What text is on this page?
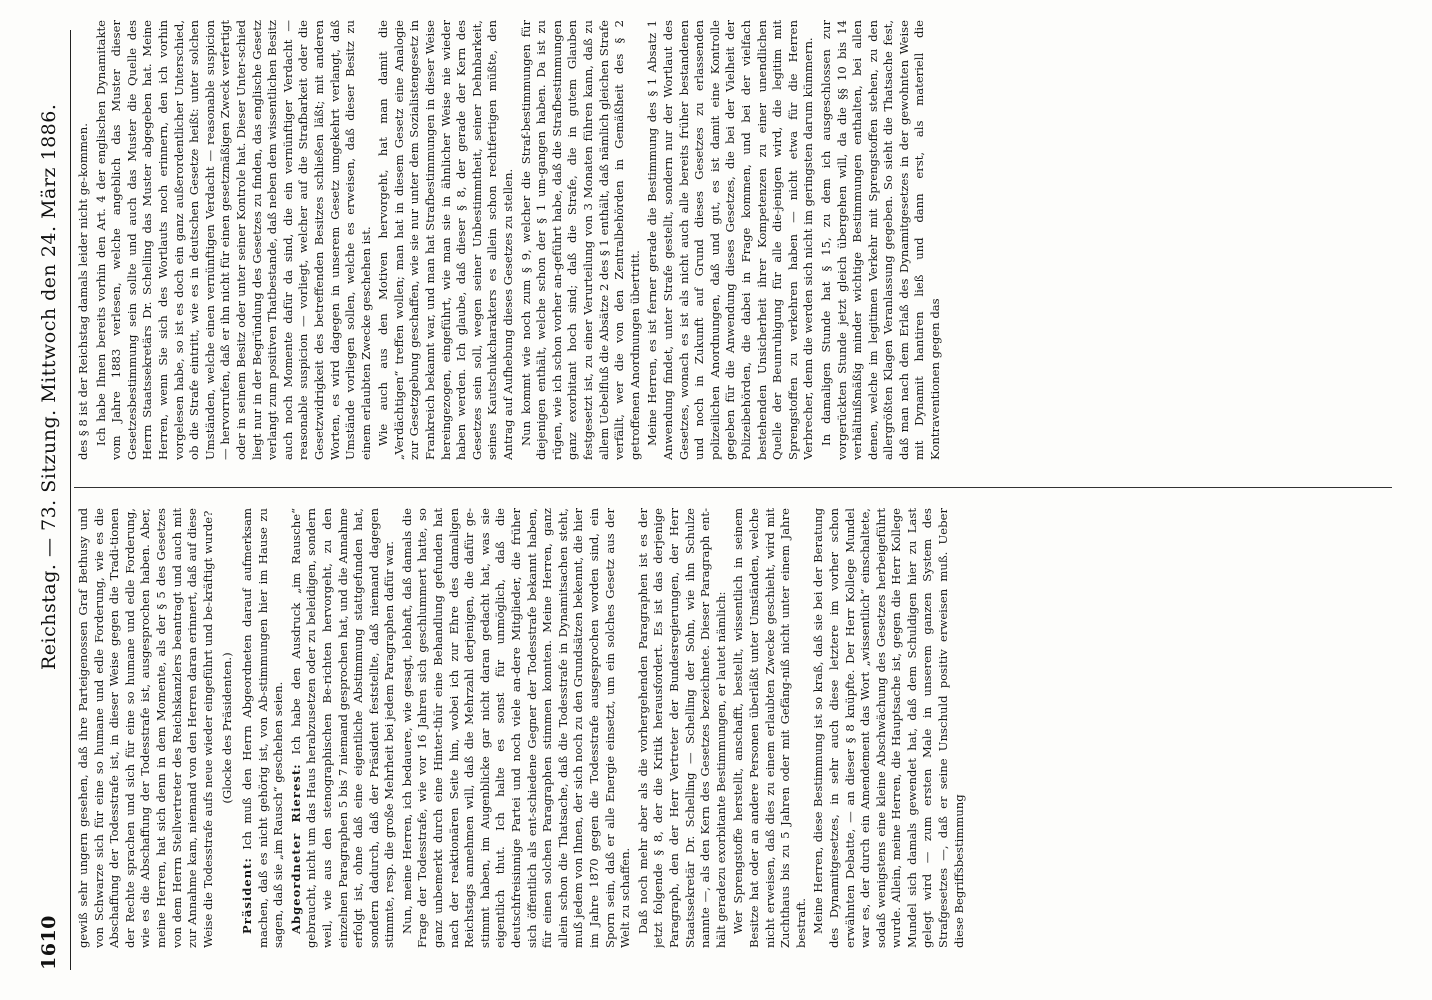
1610
Reichstag. — 73. Sitzung. Mittwoch den 24. März 1886.

gewiß sehr ungern gesehen, daß ihre Parteigenossen Graf Bethusy und von Schwarze sich für eine so humane und edle Forderung, wie es die Abschaffung der Todesstrafe ist, in dieser Weise gegen die Tradi-tionen der Rechte sprachen und sich für eine so humane und edle Forderung, wie es die Abschaffung der Todesstrafe ist, ausgesprochen haben. Aber, meine Herren, hat sich denn in dem Momente, als der § 5 des Gesetzes von dem Herrn Stellvertreter des Reichskanzlers beantragt und auch mit zur Annahme kam, niemand von den Herren daran erinnert, daß auf diese Weise die Todesstrafe aufs neue wieder eingeführt und be-kräftigt wurde? (Glocke des Präsidenten.)

Präsident: Ich muß den Herrn Abgeordneten darauf aufmerksam machen, daß es nicht gehörig ist, von Ab-stimmungen hier im Hause zu sagen, daß sie „im Rausch“ geschehen seien. Abgeordneter Rierest: Ich habe den Ausdruck „im Rausche“ gebraucht, nicht um das Haus herabzusetzen oder zu beleidigen, sondern weil, wie aus den stenographischen Be-richten hervorgeht, zu den einzelnen Paragraphen 5 bis 7 niemand gesprochen hat, und die Annahme erfolgt ist, ohne daß eine eigentliche Abstimmung stattgefunden hat, sondern dadurch, daß der Präsident feststellte, daß niemand dagegen stimmte, resp. die große Mehrheit bei jedem Paragraphen dafür war. Nun, meine Herren, ich bedauere, wie gesagt, lebhaft, daß damals die Frage der Todesstrafe, wie vor 16 Jahren sich geschlummert hatte, so ganz unbemerkt durch eine Hinter-thür eine Behandlung gefunden hat nach der reaktionären Seite hin, wobei ich zur Ehre des damaligen Reichstags annehmen will, daß die Mehrzahl derjenigen, die dafür ge-stimmt haben, im Augenblicke gar nicht daran gedacht hat, was sie eigentlich thut. Ich halte es sonst für unmöglich, daß die deutschfreisinnige Partei und noch viele an-dere Mitglieder, die früher sich öffentlich als ent-schiedene Gegner der Todesstrafe bekannt haben, für einen solchen Paragraphen stimmen konnten. Meine Herren, ganz allein schon die Thatsache, daß die Todesstrafe in Dynamitsachen steht, muß jedem von Ihnen, der sich noch zu den Grundsätzen bekennt, die hier im Jahre 1870 gegen die Todesstrafe ausgesprochen worden sind, ein Sporn sein, daß er alle Energie einsetzt, um ein solches Gesetz aus der Welt zu schaffen. Daß noch mehr aber als die vorhergehenden Paragraphen ist es der jetzt folgende § 8, der die Kritik herausfordert. Es ist das derjenige Paragraph, den der Herr Vertreter der Bundesregierungen, der Herr Staatssekretär Dr. Schelling — Schelling der Sohn, wie ihn Schulze nannte —, als den Kern des Gesetzes bezeichnete. Dieser Paragraph ent-hält geradezu exorbitante Bestimmungen, er lautet nämlich: Wer Sprengstoffe herstellt, anschafft, bestellt, wissentlich in seinem Besitze hat oder an andere Personen überläßt unter Umständen, welche nicht erweisen, daß dies zu einem erlaubten Zwecke geschieht, wird mit Zuchthaus bis zu 5 Jahren oder mit Gefäng-niß nicht unter einem Jahre bestraft. Meine Herren, diese Bestimmung ist so kraß, daß sie bei der Beratung des Dynamitgesetzes, in sehr auch diese letztere im vorher schon erwähnten Debatte, — an dieser § 8 knüpfte. Der Herr Kollege Mundel war es, der durch ein Amendement das Wort „wissentlich“ einschaltete, sodaß wenigstens eine kleine Abschwächung des Gesetzes herbeigeführt wurde. Allein, meine Herren, die Hauptsache ist, gegen die Herr Kollege Mundel sich damals gewendet hat, daß dem Schuldigen hier zu Last gelegt wird — zum ersten Male in unserem ganzen System des Strafgesetzes —, daß er seine Unschuld positiv erweisen muß. Ueber diese Begriffsbestimmung

des § 8 ist der Reichstag damals leider nicht ge-kommen. Ich habe Ihnen bereits vorhin den Art. 4 der englischen Dynamitakte vom Jahre 1883 verlesen, welche angeblich das Muster dieser Gesetzesbestimmung sein sollte und auch das Muster die Quelle des Herrn Staatssekretärs Dr. Schelling das Muster abgegeben hat. Meine Herren, wenn Sie sich des Wortlauts noch erinnern, den ich vorhin vorgelesen habe, so ist es doch ein ganz außerordentlicher Unterschied, ob die Strafe eintritt, wie es in deutschen Gesetze heißt: unter solchen Umständen, welche einen vernünftigen Verdacht — reasonable suspicion — hervorrufen, daß er ihn nicht für einen gesetzmäßigen Zweck verfertigt oder in seinem Besitz oder unter seiner Kontrole hat. Dieser Unter-schied liegt nur in der Begründung des Gesetzes zu finden, das englische Gesetz verlangt zum positiven Thatbestande, daß neben dem wissentlichen Besitz auch noch Momente dafür da sind, die ein vernünftiger Verdacht — reasonable suspicion — vorliegt, welcher auf die Strafbarkeit oder die Gesetzwidrigkeit des betreffenden Besitzes schließen läßt; mit anderen Worten, es wird dagegen in unserem Gesetz umgekehrt verlangt, daß Umstände vorliegen sollen, welche es erweisen, daß dieser Besitz zu einem erlaubten Zwecke geschehen ist. Wie auch aus den Motiven hervorgeht, hat man damit die „Verdächtigen“ treffen wollen; man hat in diesem Gesetz eine Analogie zur Gesetzgebung geschaffen, wie sie nur unter dem Sozialistengesetz in Frankreich bekannt war, und man hat Strafbestimmungen in dieser Weise hereingezogen, eingeführt, wie man sie in ähnlicher Weise nie wieder haben werden. Ich glaube, daß dieser § 8, der gerade der Kern des Gesetzes sein soll, wegen seiner Unbestimmtheit, seiner Dehnbarkeit, seines Kautschukcharakters es allein schon rechtfertigen müßte, den Antrag auf Aufhebung dieses Gesetzes zu stellen. Nun kommt wie noch zum § 9, welcher die Straf-bestimmungen für diejenigen enthält, welche schon der § 1 um-gangen haben. Da ist zu rügen, wie ich schon vorher an-geführt habe, daß die Strafbestimmungen ganz exorbitant hoch sind; daß die Strafe, die in gutem Glauben festgesetzt ist, zu einer Verurteilung von 3 Monaten führen kann, daß zu allem Uebelfluß die Absätze 2 des § 1 enthält, daß nämlich gleichen Strafe verfällt, wer die von den Zentralbehörden in Gemäßheit des § 2 getroffenen Anordnungen übertritt. Meine Herren, es ist ferner gerade die Bestimmung des § 1 Absatz 1 Anwendung findet, unter Strafe gestellt, sondern nur der Wortlaut des Gesetzes, wonach es ist als nicht auch alle bereits früher bestandenen und noch in Zukunft auf Grund dieses Gesetzes zu erlassenden polizeilichen Anordnungen, daß und gut, es ist damit eine Kontrolle gegeben für die Anwendung dieses Gesetzes, die bei der Vielheit der Polizeibehörden, die dabei in Frage kommen, und bei der vielfach bestehenden Unsicherheit ihrer Kompetenzen zu einer unendlichen Quelle der Beunruhigung für alle die-jenigen wird, die legitim mit Sprengstoffen zu verkehren haben — nicht etwa für die Herren Verbrecher, denn die werden sich nicht im geringsten darum kümmern. In damaligen Stunde hat § 15, zu dem ich ausgeschlossen zur vorgerückten Stunde jetzt gleich übergehen will, da die §§ 10 bis 14 verhältnißmäßig minder wichtige Bestimmungen enthalten, bei allen denen, welche im legitimen Verkehr mit Sprengstoffen stehen, zu den allergrößten Klagen Veranlassung gegeben. So sieht die Thatsache fest, daß man nach dem Erlaß des Dynamitgesetzes in der gewohnten Weise mit Dynamit hantiren ließ und dann erst, als materiell die Kontraventionen gegen das
